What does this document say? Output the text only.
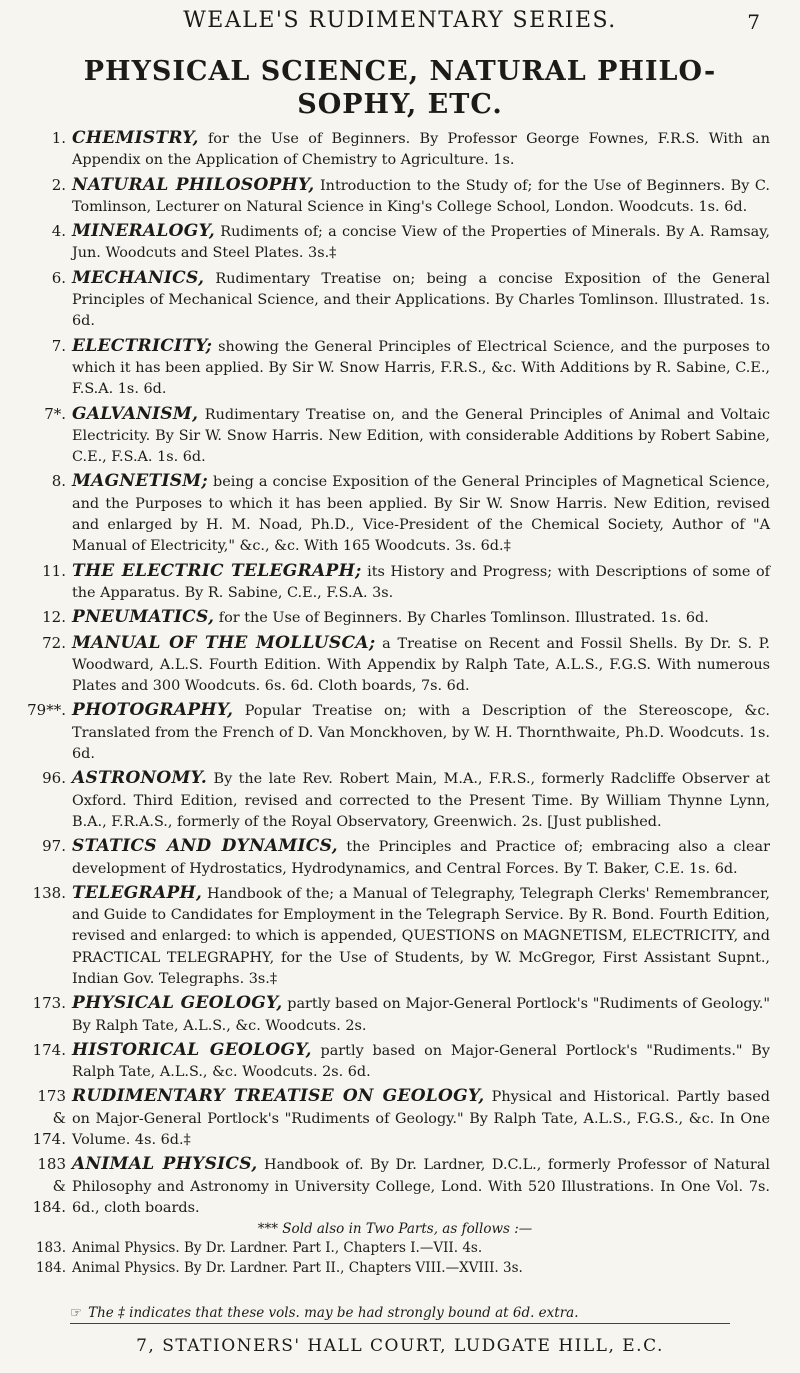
WEALE'S RUDIMENTARY SERIES.	7
PHYSICAL SCIENCE, NATURAL PHILO-
SOPHY, ETC.

1. CHEMISTRY, for the Use of Beginners. By Professor George Fownes, F.R.S. With an Appendix on the Application of Chemistry to Agriculture. 1s.

2. NATURAL PHILOSOPHY, Introduction to the Study of; for the Use of Beginners. By C. Tomlinson, Lecturer on Natural Science in King's College School, London. Woodcuts. 1s. 6d.

4. MINERALOGY, Rudiments of; a concise View of the Properties of Minerals. By A. Ramsay, Jun. Woodcuts and Steel Plates. 3s.‡

6. MECHANICS, Rudimentary Treatise on; being a concise Exposition of the General Principles of Mechanical Science, and their Applications. By Charles Tomlinson. Illustrated. 1s. 6d.

7. ELECTRICITY; showing the General Principles of Electrical Science, and the purposes to which it has been applied. By Sir W. Snow Harris, F.R.S., &c. With Additions by R. Sabine, C.E., F.S.A. 1s. 6d.

7*. GALVANISM, Rudimentary Treatise on, and the General Principles of Animal and Voltaic Electricity. By Sir W. Snow Harris. New Edition, with considerable Additions by Robert Sabine, C.E., F.S.A. 1s. 6d.

8. MAGNETISM; being a concise Exposition of the General Principles of Magnetical Science, and the Purposes to which it has been applied. By Sir W. Snow Harris. New Edition, revised and enlarged by H. M. Noad, Ph.D., Vice-President of the Chemical Society, Author of "A Manual of Electricity," &c., &c. With 165 Woodcuts. 3s. 6d.‡

11. THE ELECTRIC TELEGRAPH; its History and Progress; with Descriptions of some of the Apparatus. By R. Sabine, C.E., F.S.A. 3s.

12. PNEUMATICS, for the Use of Beginners. By Charles Tomlinson. Illustrated. 1s. 6d.

72. MANUAL OF THE MOLLUSCA; a Treatise on Recent and Fossil Shells. By Dr. S. P. Woodward, A.L.S. Fourth Edition. With Appendix by Ralph Tate, A.L.S., F.G.S. With numerous Plates and 300 Woodcuts. 6s. 6d. Cloth boards, 7s. 6d.

79**. PHOTOGRAPHY, Popular Treatise on; with a Description of the Stereoscope, &c. Translated from the French of D. Van Monckhoven, by W. H. Thornthwaite, Ph.D. Woodcuts. 1s. 6d.

96. ASTRONOMY. By the late Rev. Robert Main, M.A., F.R.S., formerly Radcliffe Observer at Oxford. Third Edition, revised and corrected to the Present Time. By William Thynne Lynn, B.A., F.R.A.S., formerly of the Royal Observatory, Greenwich. 2s. [Just published.

97. STATICS AND DYNAMICS, the Principles and Practice of; embracing also a clear development of Hydrostatics, Hydrodynamics, and Central Forces. By T. Baker, C.E. 1s. 6d.

138. TELEGRAPH, Handbook of the; a Manual of Telegraphy, Telegraph Clerks' Remembrancer, and Guide to Candidates for Employment in the Telegraph Service. By R. Bond. Fourth Edition, revised and enlarged: to which is appended, QUESTIONS on MAGNETISM, ELECTRICITY, and PRACTICAL TELEGRAPHY, for the Use of Students, by W. McGregor, First Assistant Supnt., Indian Gov. Telegraphs. 3s.‡

173. PHYSICAL GEOLOGY, partly based on Major-General Portlock's "Rudiments of Geology." By Ralph Tate, A.L.S., &c. Woodcuts. 2s.

174. HISTORICAL GEOLOGY, partly based on Major-General Portlock's "Rudiments." By Ralph Tate, A.L.S., &c. Woodcuts. 2s. 6d.

173 & 174.
RUDIMENTARY TREATISE ON GEOLOGY, Physical and Historical. Partly based on Major-General Portlock's "Rudiments of Geology." By Ralph Tate, A.L.S., F.G.S., &c. In One Volume. 4s. 6d.‡

183 & 184.
ANIMAL PHYSICS, Handbook of. By Dr. Lardner, D.C.L., formerly Professor of Natural Philosophy and Astronomy in University College, Lond. With 520 Illustrations. In One Vol. 7s. 6d., cloth boards.

*** Sold also in Two Parts, as follows :—
183. Animal Physics. By Dr. Lardner. Part I., Chapters I.—VII. 4s.
184. Animal Physics. By Dr. Lardner. Part II., Chapters VIII.—XVIII. 3s.
☞ The ‡ indicates that these vols. may be had strongly bound at 6d. extra.
7, STATIONERS' HALL COURT, LUDGATE HILL, E.C.
